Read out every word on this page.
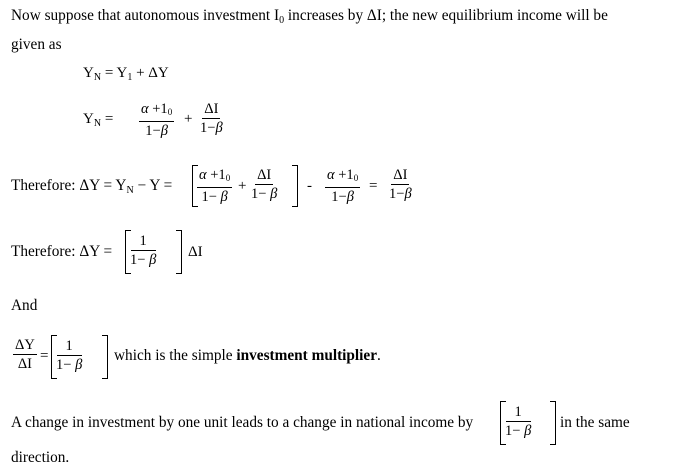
Now suppose that autonomous investment $I_0$ increases by ΔI; the new equilibrium income will be
given as
$Y_N = Y_1 + \Delta Y$
$Y_N = \frac{\alpha +10}{1-\beta} + \frac{\Delta I}{1-\beta}$
Therefore: $\Delta Y = Y_N - Y = \frac{\alpha +10}{1- \beta} + \frac{\Delta I}{1- \beta} - \frac{\alpha +10}{1-\beta} = \frac{\Delta I}{1-\beta}$
Therefore: $\Delta Y = \frac{1}{1- \beta}$ ΔI
And
$\frac{\Delta Y}{\Delta I} = \frac{1}{1- \beta}$ which is the simple investment multiplier.
A change in investment by one unit leads to a change in national income by $\frac{1}{1- \beta}$ in the same
direction.
